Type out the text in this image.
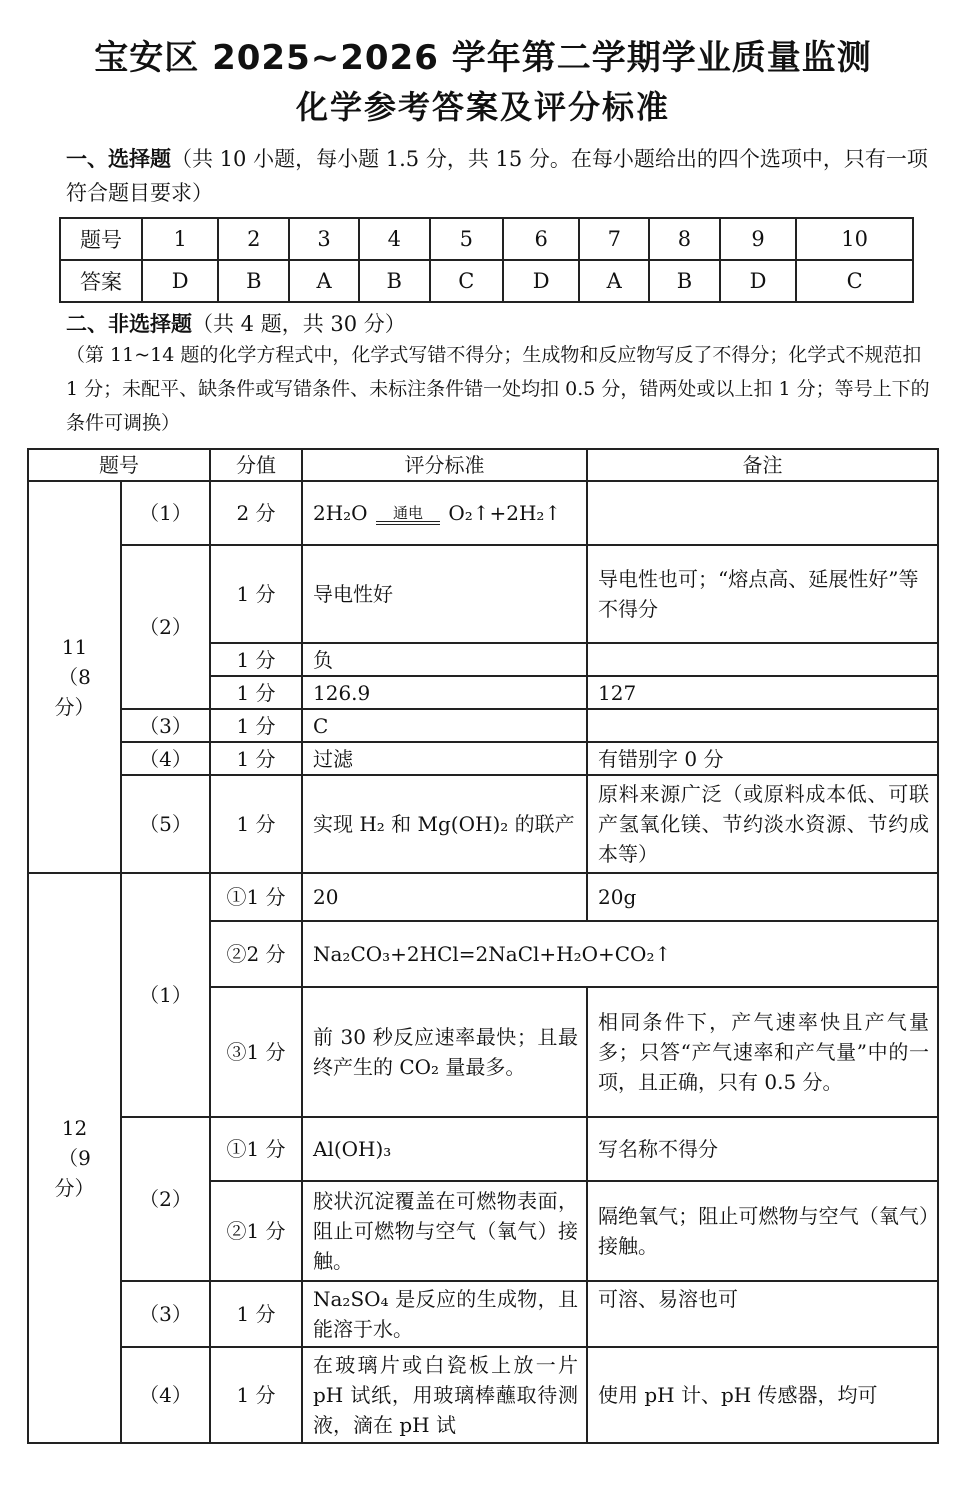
宝安区 2025~2026 学年第二学期学业质量监测
化学参考答案及评分标准
一、选择题（共 10 小题，每小题 1.5 分，共 15 分。在每小题给出的四个选项中，只有一项符合题目要求）
题号	1	2	3	4	5	6	7	8	9	10
答案	D	B	A	B	C	D	A	B	D	C
二、非选择题（共 4 题，共 30 分）
（第 11~14 题的化学方程式中，化学式写错不得分；生成物和反应物写反了不得分；化学式不规范扣 1 分；未配平、缺条件或写错条件、未标注条件错一处均扣 0.5 分，错两处或以上扣 1 分；等号上下的条件可调换）
题号		分值	评分标准	备注
11（8 分）	（1）	2 分	2H₂O 通电 O₂↑+2H₂↑	
	（2）	1 分	导电性好	导电性也可；“熔点高、延展性好”等不得分
		1 分	负	
		1 分	126.9	127
	（3）	1 分	C	
	（4）	1 分	过滤	有错别字 0 分
	（5）	1 分	实现 H₂ 和 Mg(OH)₂ 的联产	原料来源广泛（或原料成本低、可联产氢氧化镁、节约淡水资源、节约成本等）

12（9 分）	（1）	①1 分	20	20g
		②2 分	Na₂CO₃+2HCl=2NaCl+H₂O+CO₂↑	
		③1 分	前 30 秒反应速率最快；且最终产生的 CO₂ 量最多。	相同条件下，产气速率快且产气量多；只答“产气速率和产气量”中的一项，且正确，只有 0.5 分。
	（2）	①1 分	Al(OH)₃	写名称不得分
		②1 分	胶状沉淀覆盖在可燃物表面，阻止可燃物与空气（氧气）接触。	隔绝氧气；阻止可燃物与空气（氧气）接触。
	（3）	1 分	Na₂SO₄ 是反应的生成物，且能溶于水。	可溶、易溶也可
	（4）	1 分	在玻璃片或白瓷板上放一片 pH 试纸，用玻璃棒蘸取待测液，滴在 pH 试	使用 pH 计、pH 传感器，均可
